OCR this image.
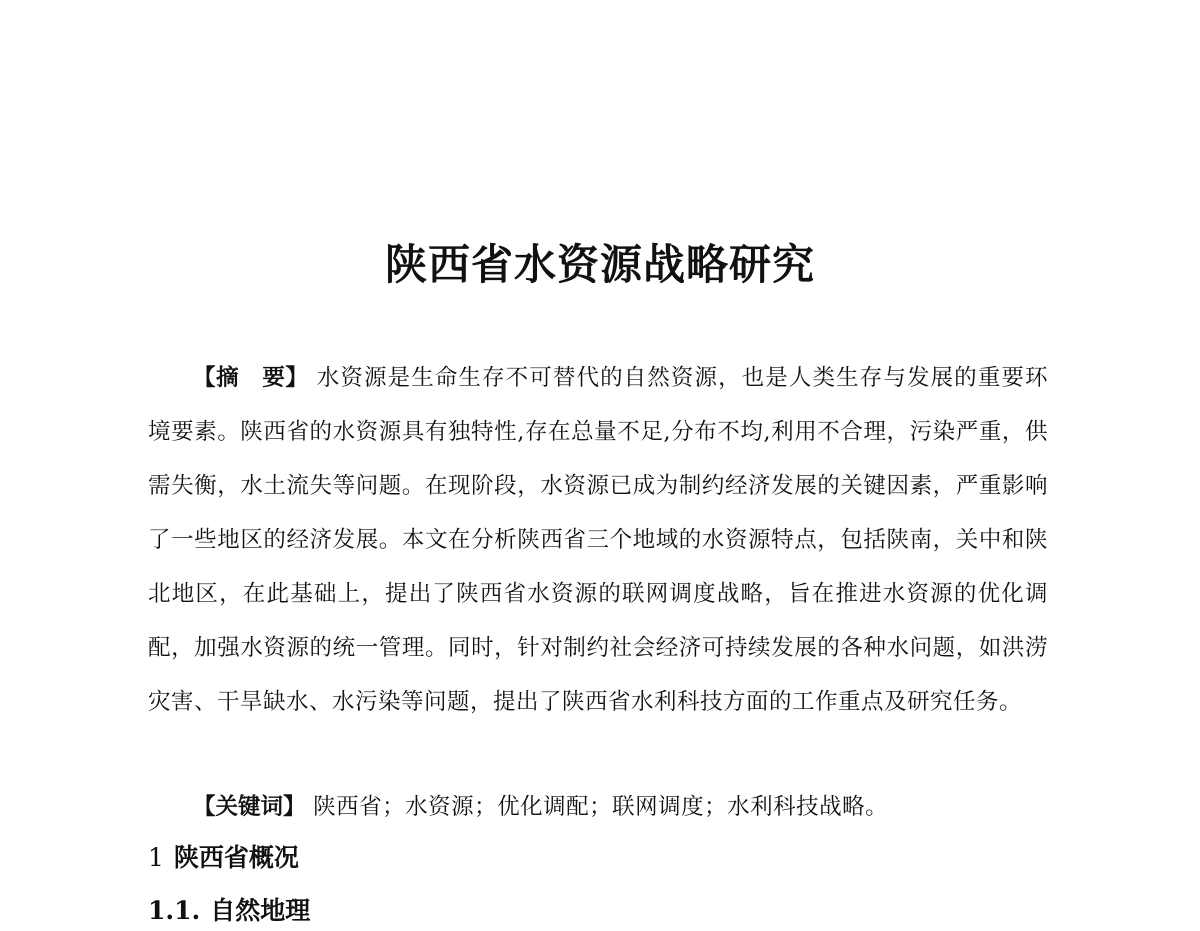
陕西省水资源战略研究
【摘　要】 水资源是生命生存不可替代的自然资源，也是人类生存与发展的重要环境要素。陕西省的水资源具有独特性,存在总量不足,分布不均,利用不合理，污染严重，供需失衡，水土流失等问题。在现阶段，水资源已成为制约经济发展的关键因素，严重影响了一些地区的经济发展。本文在分析陕西省三个地域的水资源特点，包括陕南，关中和陕北地区，在此基础上，提出了陕西省水资源的联网调度战略，旨在推进水资源的优化调配，加强水资源的统一管理。同时，针对制约社会经济可持续发展的各种水问题，如洪涝灾害、干旱缺水、水污染等问题，提出了陕西省水利科技方面的工作重点及研究任务。
【关键词】 陕西省；水资源；优化调配；联网调度；水利科技战略。
1 陕西省概况
1.1. 自然地理
